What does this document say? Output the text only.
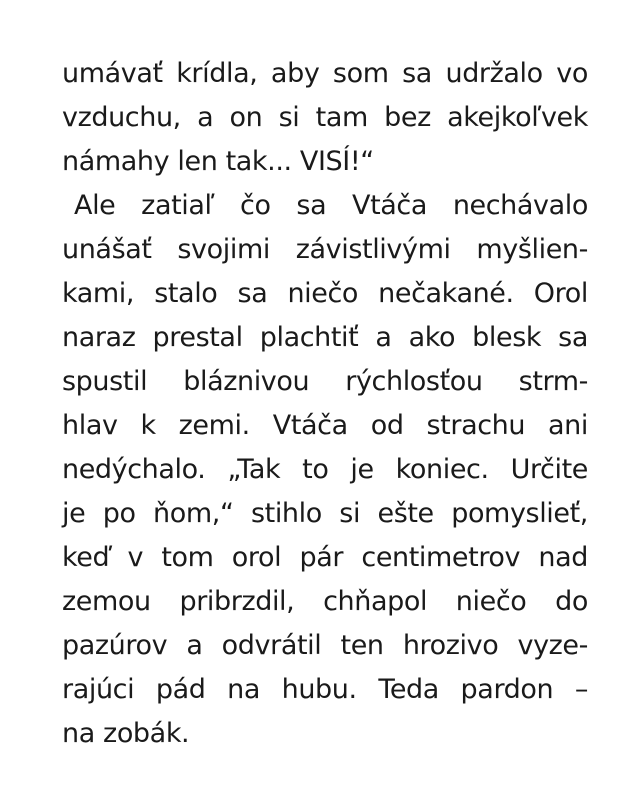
umávať krídla, aby som sa udržalo vo
vzduchu, a on si tam bez akejkoľvek
námahy len tak... VISÍ!“
Ale zatiaľ čo sa Vtáča nechávalo
unášať svojimi závistlivými myšlien-
kami, stalo sa niečo nečakané. Orol
naraz prestal plachtiť a ako blesk sa
spustil bláznivou rýchlosťou strm-
hlav k zemi. Vtáča od strachu ani
nedýchalo. „Tak to je koniec. Určite
je po ňom,“ stihlo si ešte pomyslieť,
keď v tom orol pár centimetrov nad
zemou pribrzdil, chňapol niečo do
pazúrov a odvrátil ten hrozivo vyze-
rajúci pád na hubu. Teda pardon –
na zobák.
